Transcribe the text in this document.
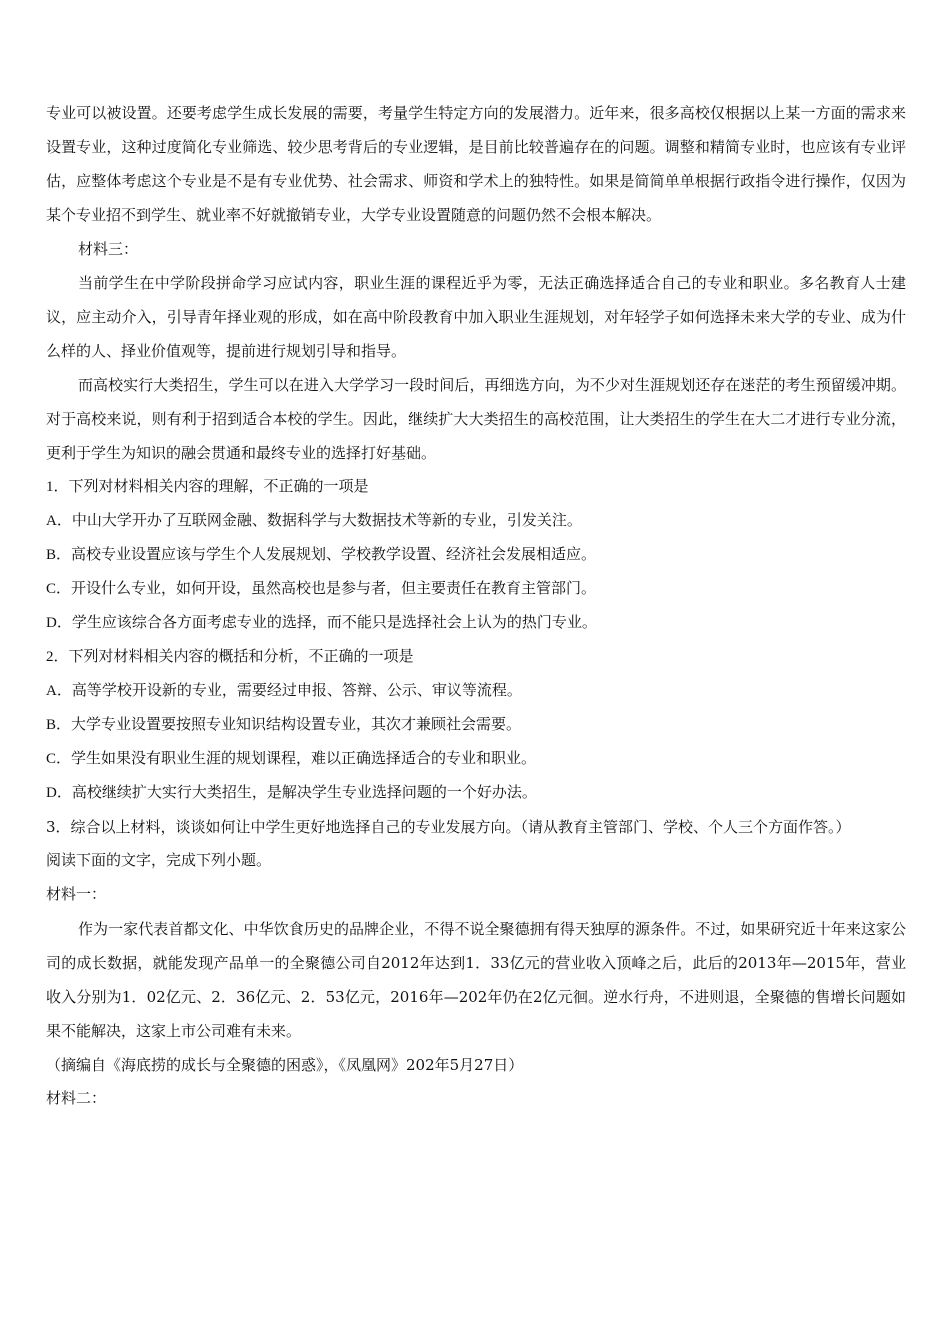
专业可以被设置。还要考虑学生成长发展的需要，考量学生特定方向的发展潜力。近年来，很多高校仅根据以上某一方面的需求来设置专业，这种过度简化专业筛选、较少思考背后的专业逻辑，是目前比较普遍存在的问题。调整和精简专业时，也应该有专业评估，应整体考虑这个专业是不是有专业优势、社会需求、师资和学术上的独特性。如果是简简单单根据行政指令进行操作，仅因为某个专业招不到学生、就业率不好就撤销专业，大学专业设置随意的问题仍然不会根本解决。

材料三：

当前学生在中学阶段拼命学习应试内容，职业生涯的课程近乎为零，无法正确选择适合自己的专业和职业。多名教育人士建议，应主动介入，引导青年择业观的形成，如在高中阶段教育中加入职业生涯规划，对年轻学子如何选择未来大学的专业、成为什么样的人、择业价值观等，提前进行规划引导和指导。

而高校实行大类招生，学生可以在进入大学学习一段时间后，再细选方向，为不少对生涯规划还存在迷茫的考生预留缓冲期。对于高校来说，则有利于招到适合本校的学生。因此，继续扩大大类招生的高校范围，让大类招生的学生在大二才进行专业分流，更利于学生为知识的融会贯通和最终专业的选择打好基础。

1．下列对材料相关内容的理解，不正确的一项是

A．中山大学开办了互联网金融、数据科学与大数据技术等新的专业，引发关注。

B．高校专业设置应该与学生个人发展规划、学校教学设置、经济社会发展相适应。

C．开设什么专业，如何开设，虽然高校也是参与者，但主要责任在教育主管部门。

D．学生应该综合各方面考虑专业的选择，而不能只是选择社会上认为的热门专业。

2．下列对材料相关内容的概括和分析，不正确的一项是

A．高等学校开设新的专业，需要经过申报、答辩、公示、审议等流程。

B．大学专业设置要按照专业知识结构设置专业，其次才兼顾社会需要。

C．学生如果没有职业生涯的规划课程，难以正确选择适合的专业和职业。

D．高校继续扩大实行大类招生，是解决学生专业选择问题的一个好办法。

3．综合以上材料，谈谈如何让中学生更好地选择自己的专业发展方向。（请从教育主管部门、学校、个人三个方面作答。）

阅读下面的文字，完成下列小题。

材料一：

作为一家代表首都文化、中华饮食历史的品牌企业，不得不说全聚德拥有得天独厚的源条件。不过，如果研究近十年来这家公司的成长数据，就能发现产品单一的全聚德公司自2012年达到1．33亿元的营业收入顶峰之后，此后的2013年—2015年，营业收入分别为1．02亿元、2．36亿元、2．53亿元，2016年—202年仍在2亿元徊。逆水行舟，不进则退，全聚德的售增长问题如果不能解决，这家上市公司难有未来。

（摘编自《海底捞的成长与全聚德的困惑》，《凤凰网》202年5月27日）

材料二：
